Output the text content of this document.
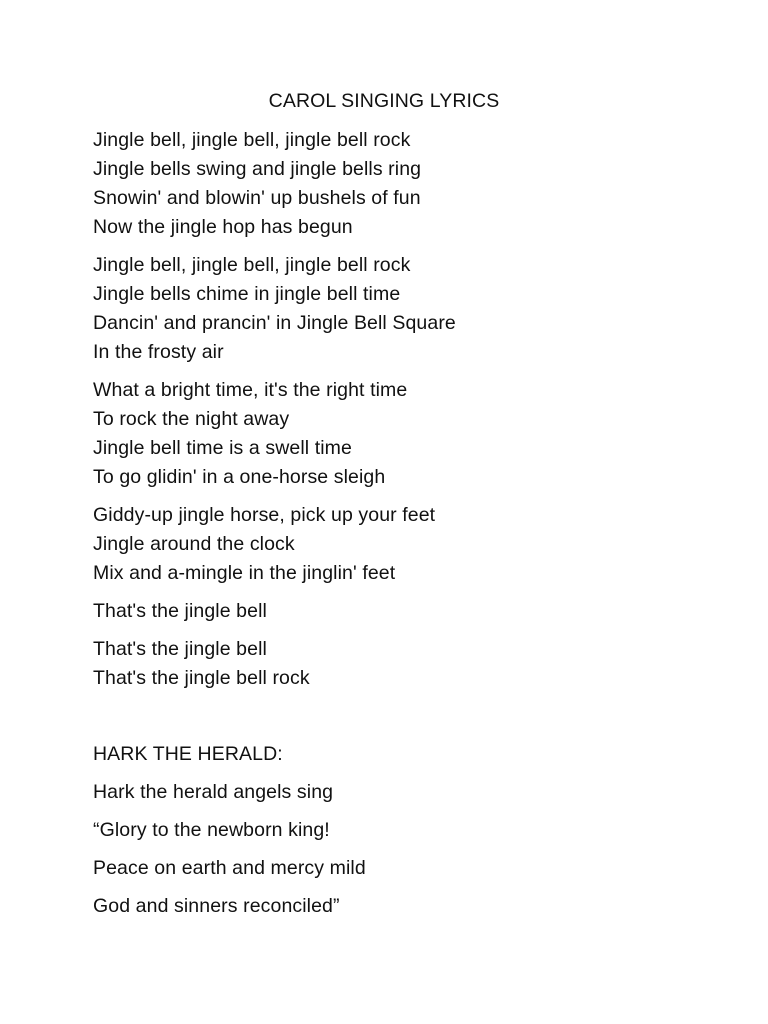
CAROL SINGING LYRICS
Jingle bell, jingle bell, jingle bell rock
Jingle bells swing and jingle bells ring
Snowin' and blowin' up bushels of fun
Now the jingle hop has begun
Jingle bell, jingle bell, jingle bell rock
Jingle bells chime in jingle bell time
Dancin' and prancin' in Jingle Bell Square
In the frosty air
What a bright time, it's the right time
To rock the night away
Jingle bell time is a swell time
To go glidin' in a one-horse sleigh
Giddy-up jingle horse, pick up your feet
Jingle around the clock
Mix and a-mingle in the jinglin' feet
That's the jingle bell
That's the jingle bell
That's the jingle bell rock
HARK THE HERALD:
Hark the herald angels sing
“Glory to the newborn king!
Peace on earth and mercy mild
God and sinners reconciled”
